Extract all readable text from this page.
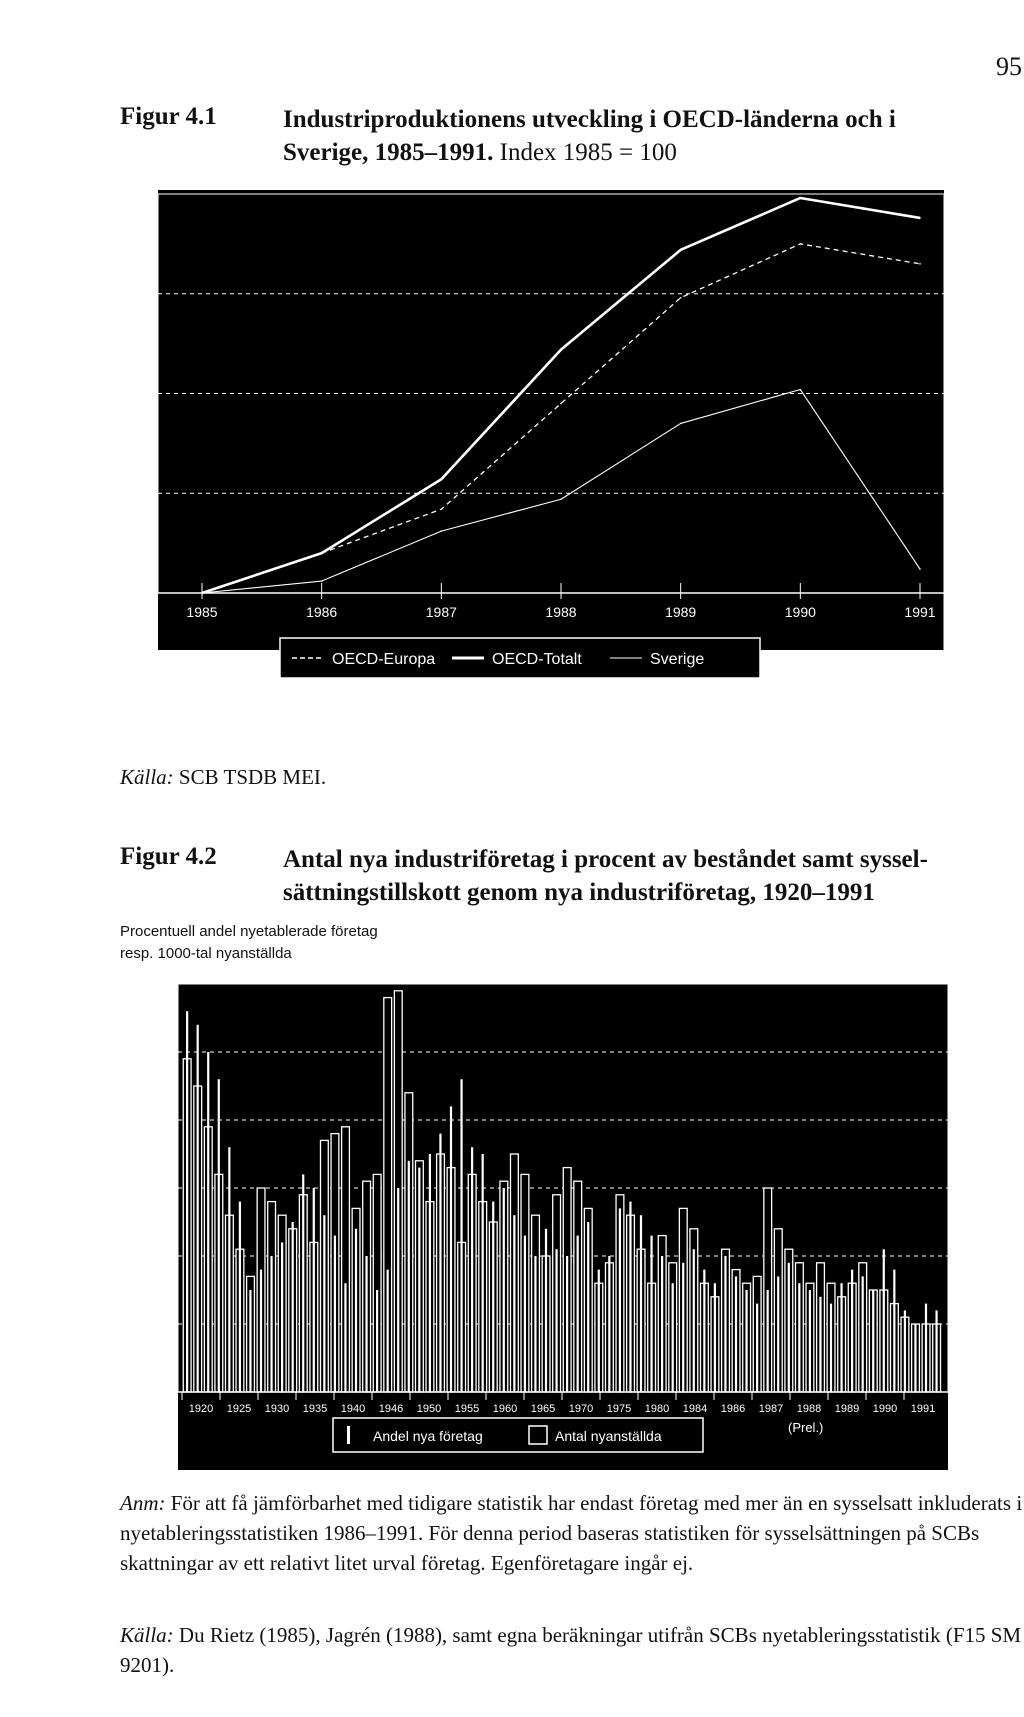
95
Figur 4.1	Industriproduktionens utveckling i OECD-länderna och i
Sverige, 1985–1991. Index 1985 = 100
100
105
110
115
120
1985	1986	1987	1988	1989	1990	1991
OECD-Europa	OECD-Totalt	Sverige
Källa: SCB TSDB MEI.
Figur 4.2	Antal nya industriföretag i procent av beståndet samt syssel-
sättningstillskott genom nya industriföretag, 1920–1991
Procentuell andel nyetablerade företag
resp. 1000-tal nyanställda
0
1
2
3
4
5
6
1920 1925 1930 1935 1940 1946 1950 1955 1960 1965 1970 1975 1980 1984 1986 1987 1988 1989 1990 1991
Andel nya företag	Antal nyanställda
(Prel.)
Anm: För att få jämförbarhet med tidigare statistik har endast företag med mer än en sysselsatt inkluderats i nyetableringsstatistiken 1986–1991. För denna period baseras statistiken för sysselsättningen på SCBs skattningar av ett relativt litet urval företag. Egenföretagare ingår ej.
Källa: Du Rietz (1985), Jagrén (1988), samt egna beräkningar utifrån SCBs nyetableringsstatistik (F15 SM 9201).
